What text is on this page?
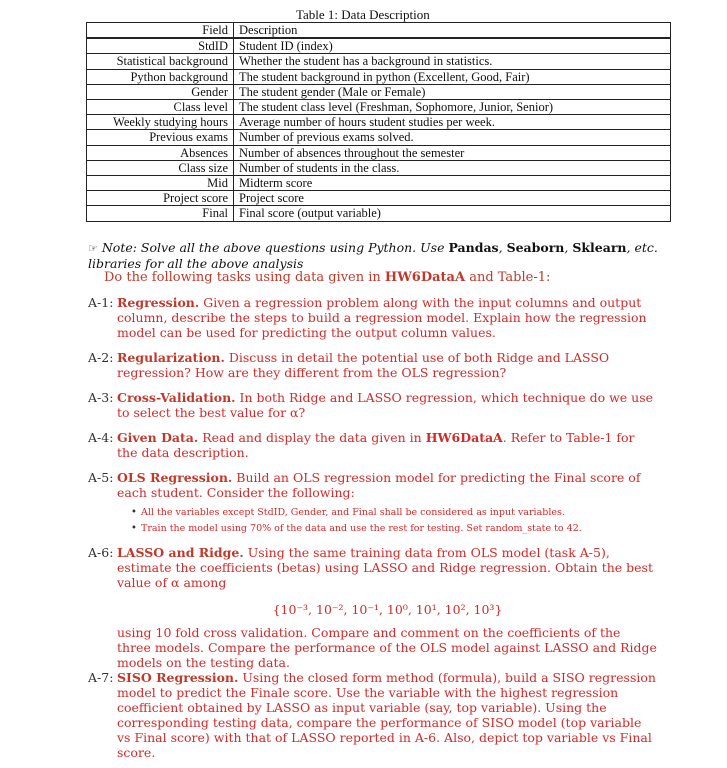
Table 1: Data Description
Field	Description
StdID	Student ID (index)
Statistical background	Whether the student has a background in statistics.
Python background	The student background in python (Excellent, Good, Fair)
Gender	The student gender (Male or Female)
Class level	The student class level (Freshman, Sophomore, Junior, Senior)
Weekly studying hours	Average number of hours student studies per week.
Previous exams	Number of previous exams solved.
Absences	Number of absences throughout the semester
Class size	Number of students in the class.
Mid	Midterm score
Project score	Project score
Final	Final score (output variable)
☞ Note: Solve all the above questions using Python. Use Pandas, Seaborn, Sklearn, etc. libraries for all the above analysis
Do the following tasks using data given in HW6DataA and Table-1:
A-1: Regression. Given a regression problem along with the input columns and output column, describe the steps to build a regression model. Explain how the regression model can be used for predicting the output column values.
A-2: Regularization. Discuss in detail the potential use of both Ridge and LASSO regression? How are they different from the OLS regression?
A-3: Cross-Validation. In both Ridge and LASSO regression, which technique do we use to select the best value for α?
A-4: Given Data. Read and display the data given in HW6DataA. Refer to Table-1 for the data description.
A-5: OLS Regression. Build an OLS regression model for predicting the Final score of each student. Consider the following:
• All the variables except StdID, Gender, and Final shall be considered as input variables.
• Train the model using 70% of the data and use the rest for testing. Set random_state to 42.
A-6: LASSO and Ridge. Using the same training data from OLS model (task A-5), estimate the coefficients (betas) using LASSO and Ridge regression. Obtain the best value of α among
{10⁻³, 10⁻², 10⁻¹, 10⁰, 10¹, 10², 10³}
using 10 fold cross validation. Compare and comment on the coefficients of the three models. Compare the performance of the OLS model against LASSO and Ridge models on the testing data.
A-7: SISO Regression. Using the closed form method (formula), build a SISO regression model to predict the Finale score. Use the variable with the highest regression coefficient obtained by LASSO as input variable (say, top variable). Using the corresponding testing data, compare the performance of SISO model (top variable vs Final score) with that of LASSO reported in A-6. Also, depict top variable vs Final score.
